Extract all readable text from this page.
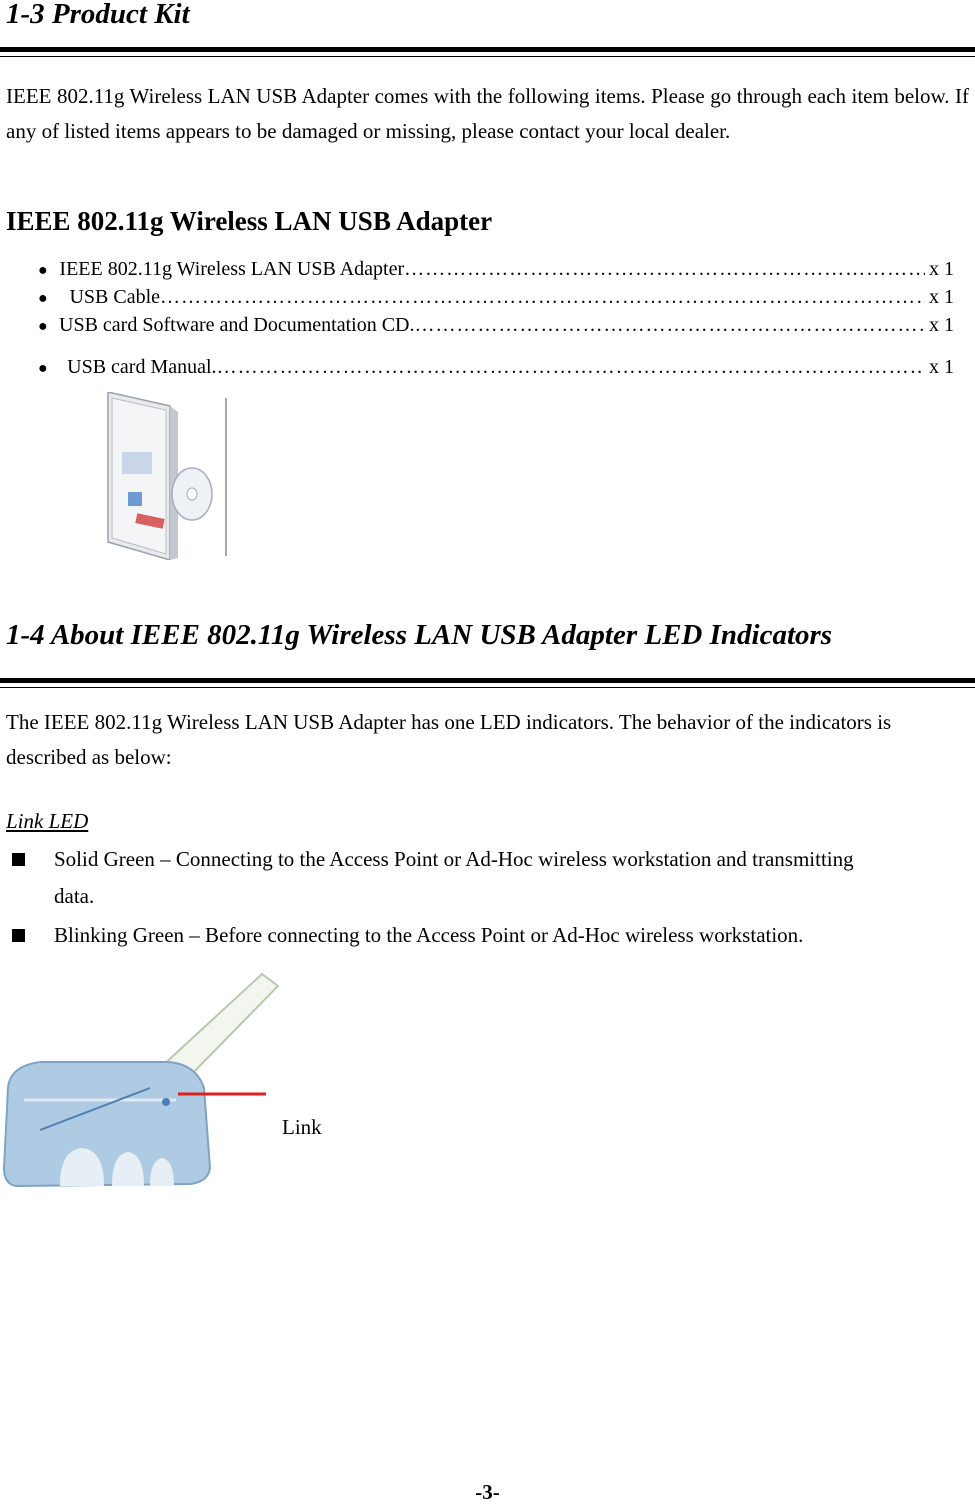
1-3 Product Kit
IEEE 802.11g Wireless LAN USB Adapter comes with the following items. Please go through each item below. If any of listed items appears to be damaged or missing, please contact your local dealer.
IEEE 802.11g Wireless LAN USB Adapter
● IEEE 802.11g Wireless LAN USB Adapter ……………………………………………………………………………………………………………………	x 1
●	USB Cable ……………………………………………………………………………………………………………………	x 1
● USB card Software and Documentation CD. ……………………………………………………………………………………………………………………	x 1
● USB card Manual. ……………………………………………………………………………………………………………………	x 1
1-4 About IEEE 802.11g Wireless LAN USB Adapter LED Indicators
The IEEE 802.11g Wireless LAN USB Adapter has one LED indicators. The behavior of the indicators is described as below:
Link LED
Solid Green – Connecting to the Access Point or Ad-Hoc wireless workstation and transmitting data.
Blinking Green – Before connecting to the Access Point or Ad-Hoc wireless workstation.
Link
-3-
